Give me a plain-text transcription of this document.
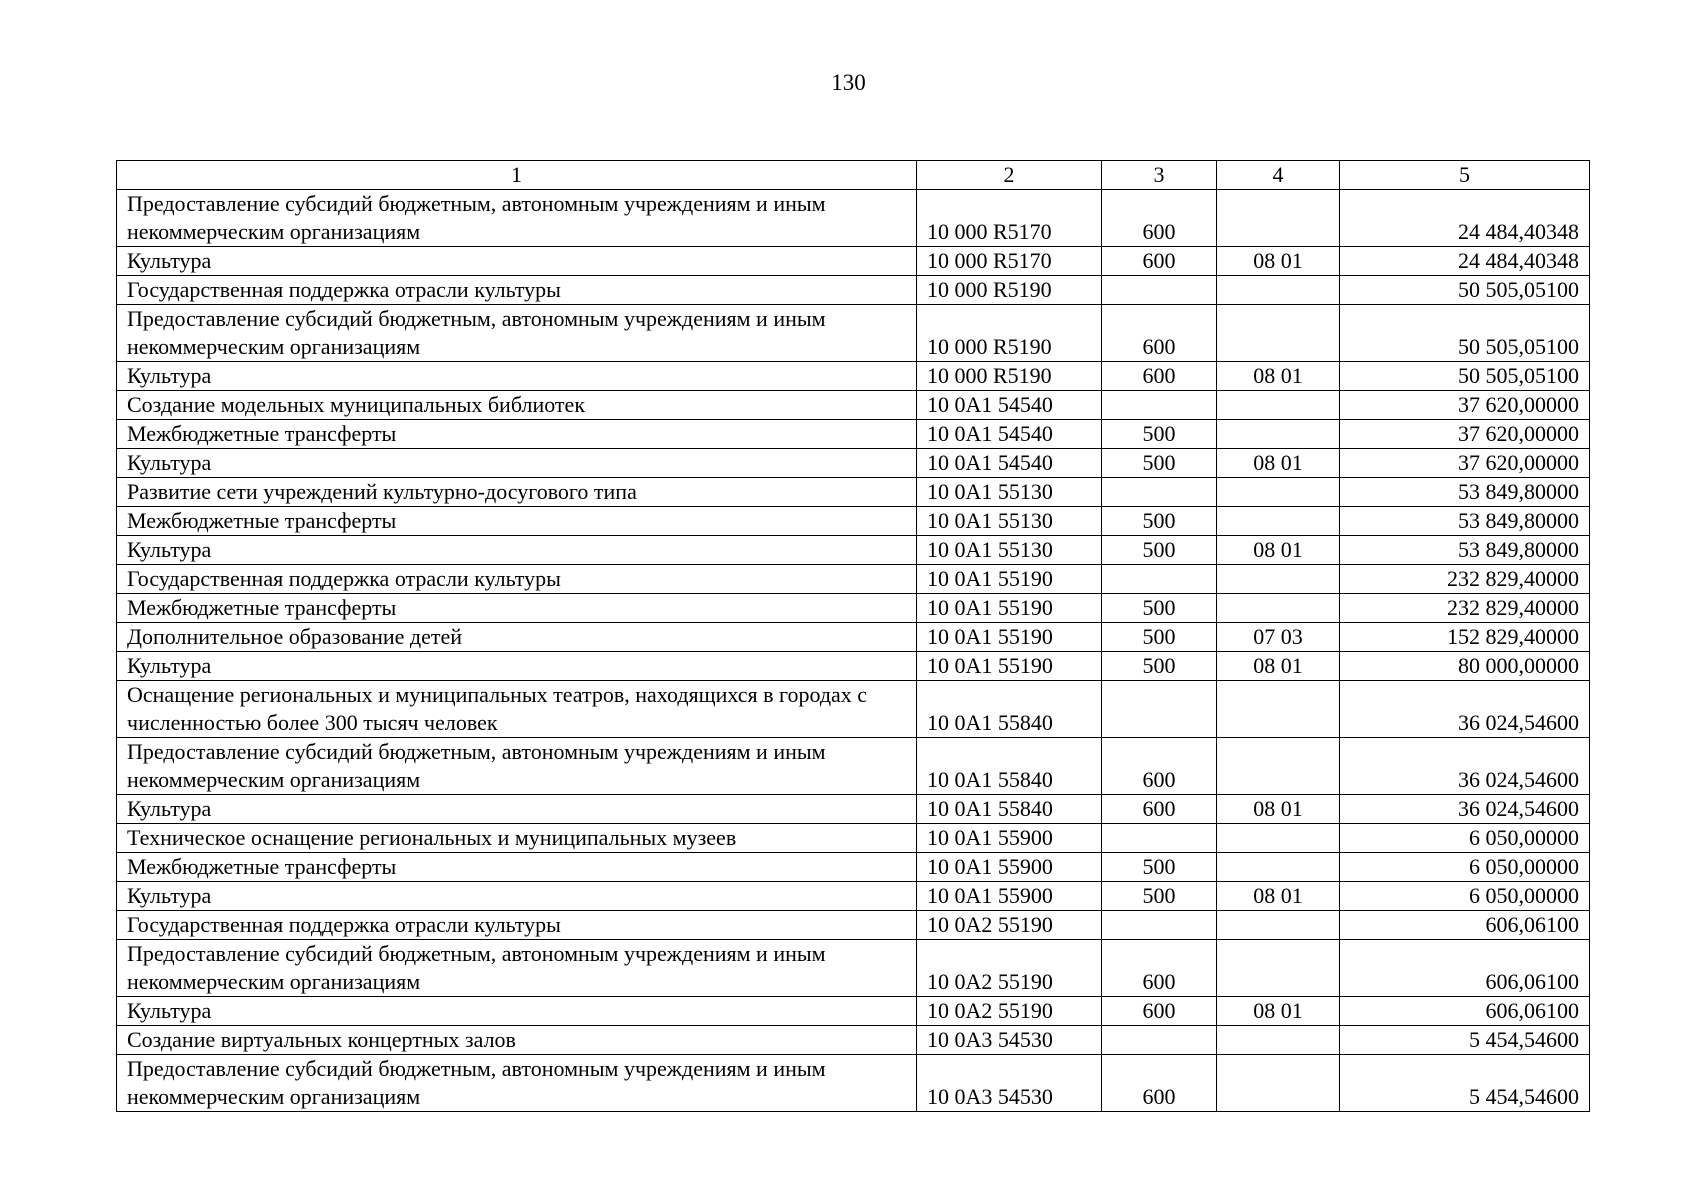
130
1	2	3	4	5
Предоставление субсидий бюджетным, автономным учреждениям и иным некоммерческим организациям	10 000 R5170	600		24 484,40348
Культура	10 000 R5170	600	08 01	24 484,40348
Государственная поддержка отрасли культуры	10 000 R5190			50 505,05100
Предоставление субсидий бюджетным, автономным учреждениям и иным некоммерческим организациям	10 000 R5190	600		50 505,05100
Культура	10 000 R5190	600	08 01	50 505,05100
Создание модельных муниципальных библиотек	10 0A1 54540			37 620,00000
Межбюджетные трансферты	10 0A1 54540	500		37 620,00000
Культура	10 0A1 54540	500	08 01	37 620,00000
Развитие сети учреждений культурно-досугового типа	10 0A1 55130			53 849,80000
Межбюджетные трансферты	10 0A1 55130	500		53 849,80000
Культура	10 0A1 55130	500	08 01	53 849,80000
Государственная поддержка отрасли культуры	10 0A1 55190			232 829,40000
Межбюджетные трансферты	10 0A1 55190	500		232 829,40000
Дополнительное образование детей	10 0A1 55190	500	07 03	152 829,40000
Культура	10 0A1 55190	500	08 01	80 000,00000
Оснащение региональных и муниципальных театров, находящихся в городах с численностью более 300 тысяч человек	10 0A1 55840			36 024,54600
Предоставление субсидий бюджетным, автономным учреждениям и иным некоммерческим организациям	10 0A1 55840	600		36 024,54600
Культура	10 0A1 55840	600	08 01	36 024,54600
Техническое оснащение региональных и муниципальных музеев	10 0A1 55900			6 050,00000
Межбюджетные трансферты	10 0A1 55900	500		6 050,00000
Культура	10 0A1 55900	500	08 01	6 050,00000
Государственная поддержка отрасли культуры	10 0A2 55190			606,06100
Предоставление субсидий бюджетным, автономным учреждениям и иным некоммерческим организациям	10 0A2 55190	600		606,06100
Культура	10 0A2 55190	600	08 01	606,06100
Создание виртуальных концертных залов	10 0A3 54530			5 454,54600
Предоставление субсидий бюджетным, автономным учреждениям и иным некоммерческим организациям	10 0A3 54530	600		5 454,54600
